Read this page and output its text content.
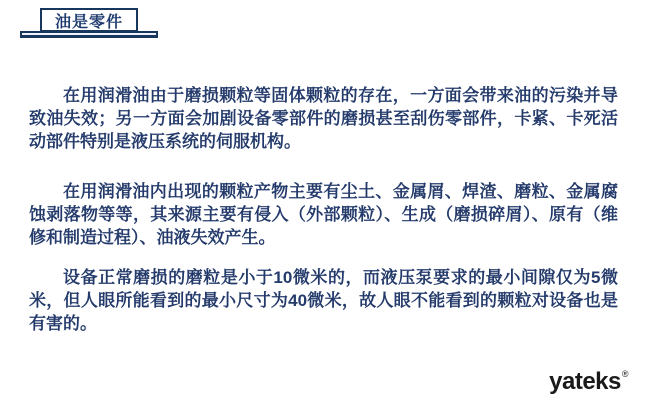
油是零件

在用润滑油由于磨损颗粒等固体颗粒的存在，一方面会带来油的污染并导致油失效；另一方面会加剧设备零部件的磨损甚至刮伤零部件，卡紧、卡死活动部件特别是液压系统的伺服机构。

在用润滑油内出现的颗粒产物主要有尘土、金属屑、焊渣、磨粒、金属腐蚀剥落物等等，其来源主要有侵入（外部颗粒）、生成（磨损碎屑）、原有（维修和制造过程）、油液失效产生。

设备正常磨损的磨粒是小于10微米的，而液压泵要求的最小间隙仅为5微米，但人眼所能看到的最小尺寸为40微米，故人眼不能看到的颗粒对设备也是有害的。

yateks®
